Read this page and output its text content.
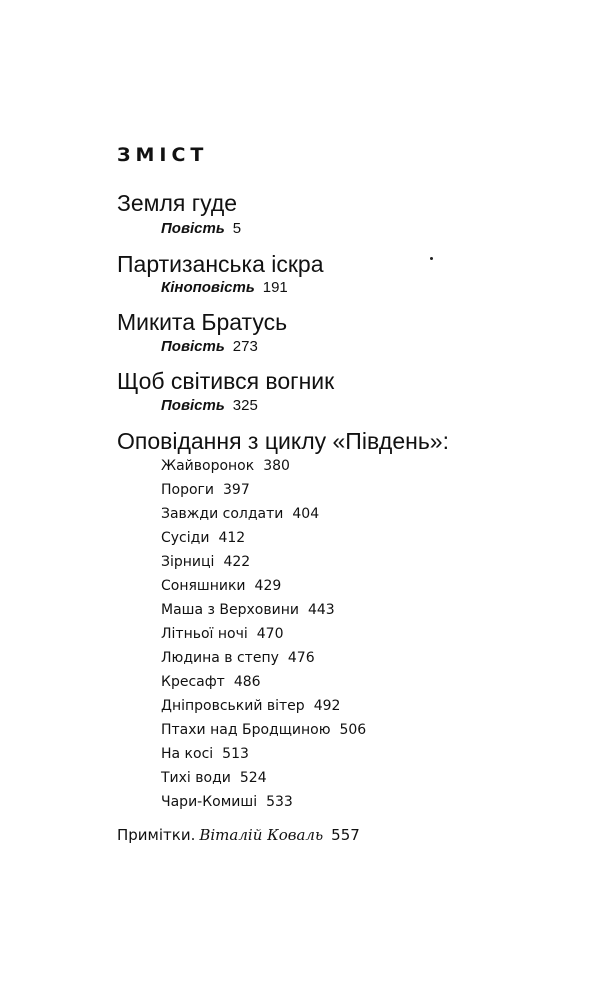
ЗМІСТ
Земля гуде
Повість 5
Партизанська іскра
Кіноповість 191
Микита Братусь
Повість 273
Щоб світився вогник
Повість 325
Оповідання з циклу «Південь»:
Жайворонок 380
Пороги 397
Завжди солдати 404
Сусіди 412
Зірниці 422
Соняшники 429
Маша з Верховини 443
Літньої ночі 470
Людина в степу 476
Кресафт 486
Дніпровський вітер 492
Птахи над Бродщиною 506
На косі 513
Тихі води 524
Чари-Комиші 533
Примітки. Віталій Коваль 557
